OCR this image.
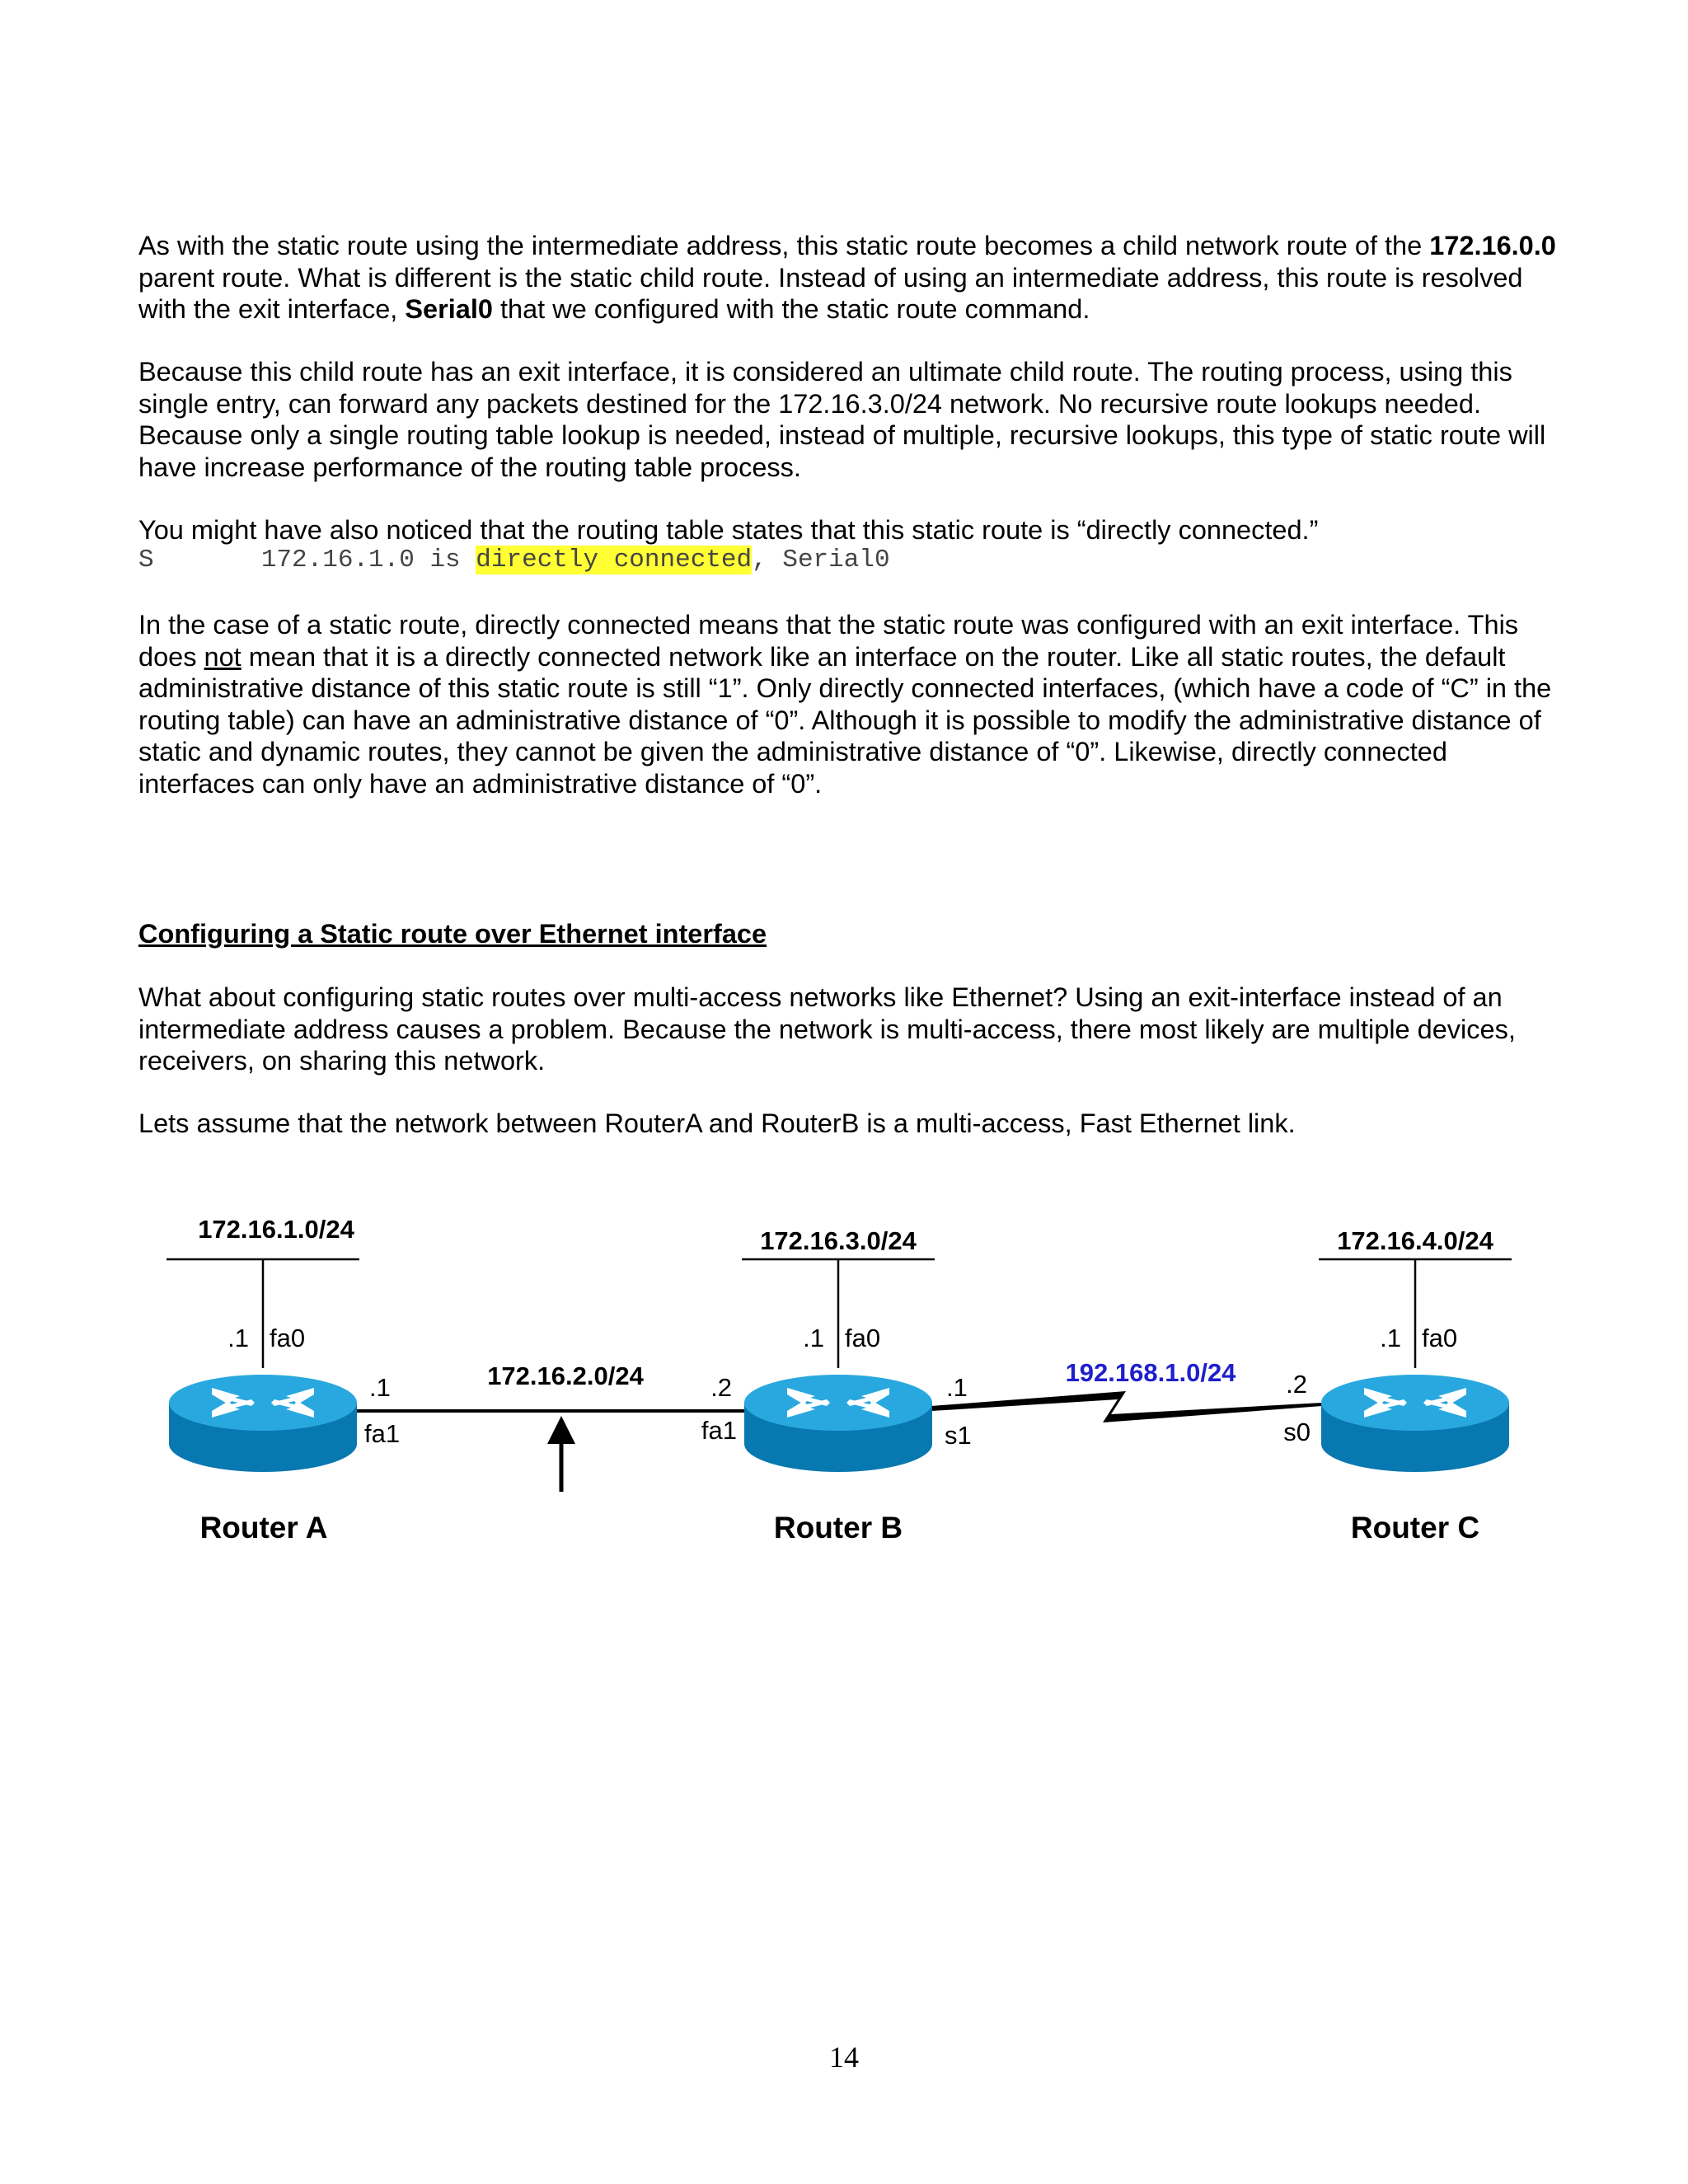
As with the static route using the intermediate address, this static route becomes a child network route of the 172.16.0.0 parent route. What is different is the static child route. Instead of using an intermediate address, this route is resolved with the exit interface, Serial0 that we configured with the static route command.

Because this child route has an exit interface, it is considered an ultimate child route. The routing process, using this single entry, can forward any packets destined for the 172.16.3.0/24 network. No recursive route lookups needed. Because only a single routing table lookup is needed, instead of multiple, recursive lookups, this type of static route will have increase performance of the routing table process.

You might have also noticed that the routing table states that this static route is “directly connected.”

S       172.16.1.0 is directly connected, Serial0

In the case of a static route, directly connected means that the static route was configured with an exit interface. This does not mean that it is a directly connected network like an interface on the router. Like all static routes, the default administrative distance of this static route is still “1”. Only directly connected interfaces, (which have a code of “C” in the routing table) can have an administrative distance of “0”. Although it is possible to modify the administrative distance of static and dynamic routes, they cannot be given the administrative distance of “0”. Likewise, directly connected interfaces can only have an administrative distance of “0”.

Configuring a Static route over Ethernet interface

What about configuring static routes over multi-access networks like Ethernet? Using an exit-interface instead of an intermediate address causes a problem. Because the network is multi-access, there most likely are multiple devices, receivers, on sharing this network.

Lets assume that the network between RouterA and RouterB is a multi-access, Fast Ethernet link.

172.16.1.0/24	172.16.3.0/24	172.16.4.0/24
.1 fa0
.1
fa1
172.16.2.0/24
.1 fa0
.2
fa1
.1
s1
192.168.1.0/24
.1 fa0
.2
s0
Router A	Router B	Router C
14
